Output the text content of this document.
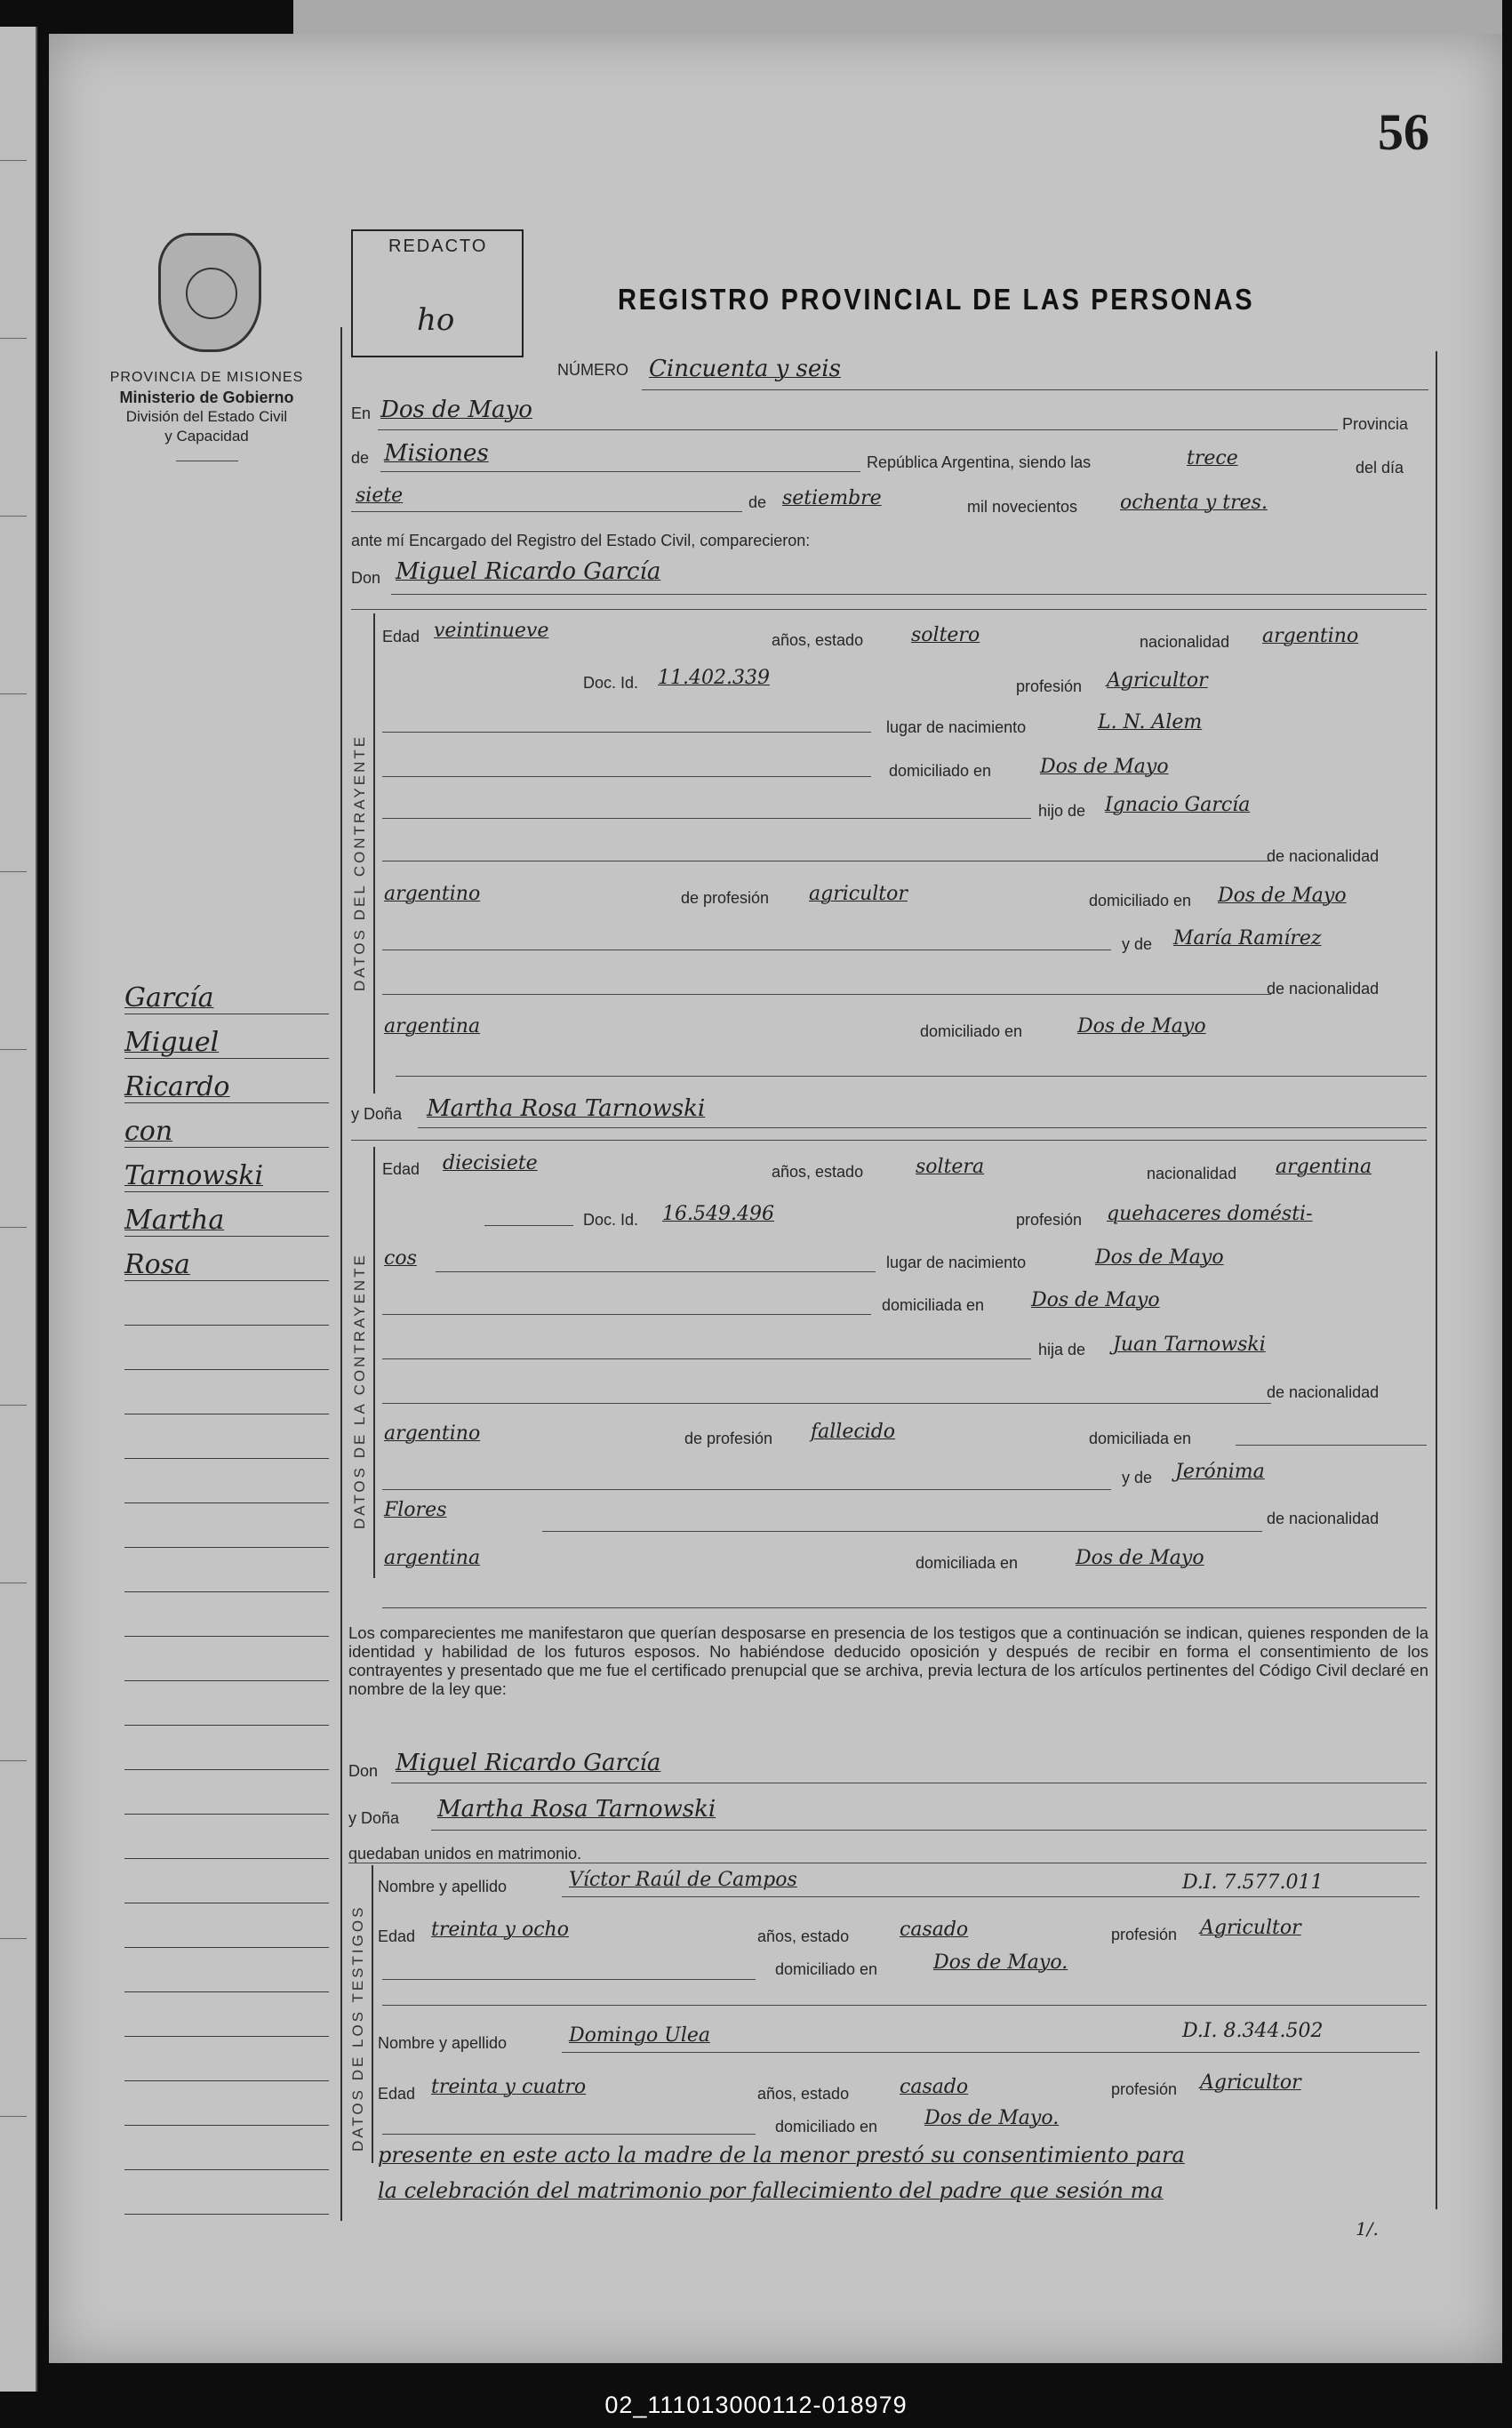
56
PROVINCIA DE MISIONES
Ministerio de Gobierno
División del Estado Civil
y Capacidad
REDACTO
ho
REGISTRO PROVINCIAL DE LAS PERSONAS
NÚMERO Cincuenta y seis
En Dos de Mayo
Provincia
de Misiones	República Argentina, siendo las	trece	del día
siete	de setiembre	mil novecientos ochenta y tres.
ante mí Encargado del Registro del Estado Civil, comparecieron:
Don Miguel Ricardo García
DATOS DEL CONTRAYENTE
Edad veintinueve	años, estado soltero	nacionalidad argentino
Doc. Id. 11.402.339	profesión Agricultor
lugar de nacimiento	L. N. Alem
domiciliado en Dos de Mayo
hijo de Ignacio García
de nacionalidad
argentino	de profesión agricultor	domiciliado en Dos de Mayo
y de María Ramírez
de nacionalidad
argentina	domiciliado en	Dos de Mayo
y Doña Martha Rosa Tarnowski
DATOS DE LA CONTRAYENTE
Edad diecisiete	años, estado	soltera	nacionalidad argentina
Doc. Id. 16.549.496	profesión quehaceres domésti-
cos	lugar de nacimiento	Dos de Mayo
domiciliada en Dos de Mayo
hija de Juan Tarnowski
de nacionalidad
argentino	de profesión fallecido	domiciliada en
y de Jerónima
Flores	de nacionalidad
argentina	domiciliada en	Dos de Mayo
Los comparecientes me manifestaron que querían desposarse en presencia de los testigos que a continuación se indican, quienes responden de la identidad y habilidad de los futuros esposos. No habiéndose deducido oposición y después de recibir en forma el consentimiento de los contrayentes y presentado que me fue el certificado prenupcial que se archiva, previa lectura de los artículos pertinentes del Código Civil declaré en nombre de la ley que:
Don Miguel Ricardo García
y Doña Martha Rosa Tarnowski
quedaban unidos en matrimonio.
DATOS DE LOS TESTIGOS
Nombre y apellido	Víctor Raúl de Campos	D.I. 7.577.011
Edad treinta y ocho	años, estado	casado	profesión Agricultor
domiciliado en	Dos de Mayo.
Nombre y apellido	Domingo Ulea	D.I. 8.344.502
Edad treinta y cuatro	años, estado	casado	profesión Agricultor
domiciliado en Dos de Mayo.
presente en este acto la madre de la menor prestó su consentimiento para
la celebración del matrimonio por fallecimiento del padre que sesión ma
1/.
García
Miguel
Ricardo
con
Tarnowski
Martha
Rosa
02_111013000112-018979
